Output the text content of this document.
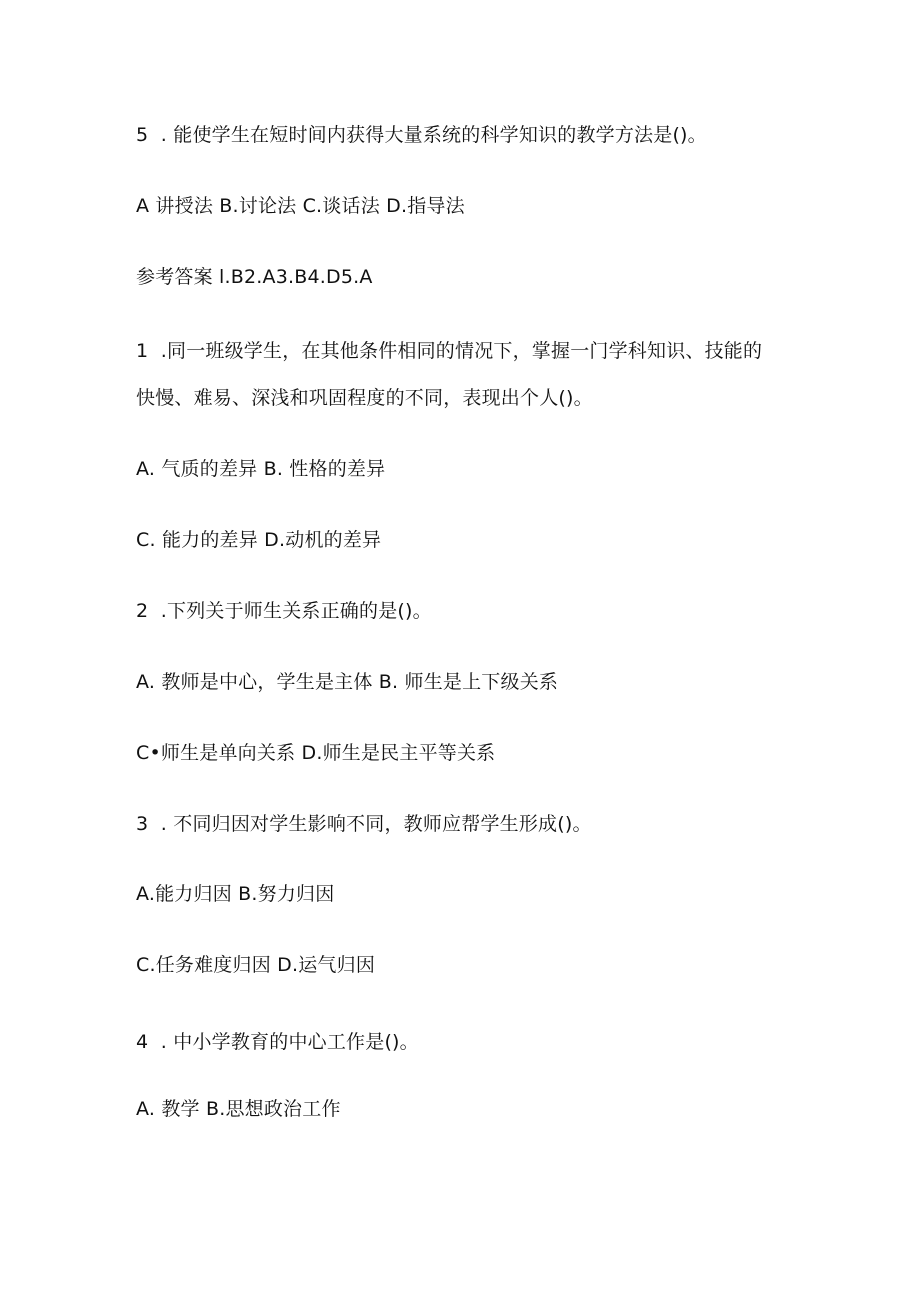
5  . 能使学生在短时间内获得大量系统的科学知识的教学方法是()。
A 讲授法 B.讨论法 C.谈话法 D.指导法
参考答案 l.B2.A3.B4.D5.A
1  .同一班级学生，在其他条件相同的情况下，掌握一门学科知识、技能的
快慢、难易、深浅和巩固程度的不同，表现出个人()。
A. 气质的差异 B. 性格的差异
C. 能力的差异 D.动机的差异
2  .下列关于师生关系正确的是()。
A. 教师是中心，学生是主体 B. 师生是上下级关系
C•师生是单向关系 D.师生是民主平等关系
3  . 不同归因对学生影响不同，教师应帮学生形成()。
A.能力归因 B.努力归因
C.任务难度归因 D.运气归因
4  . 中小学教育的中心工作是()。
A. 教学 B.思想政治工作
